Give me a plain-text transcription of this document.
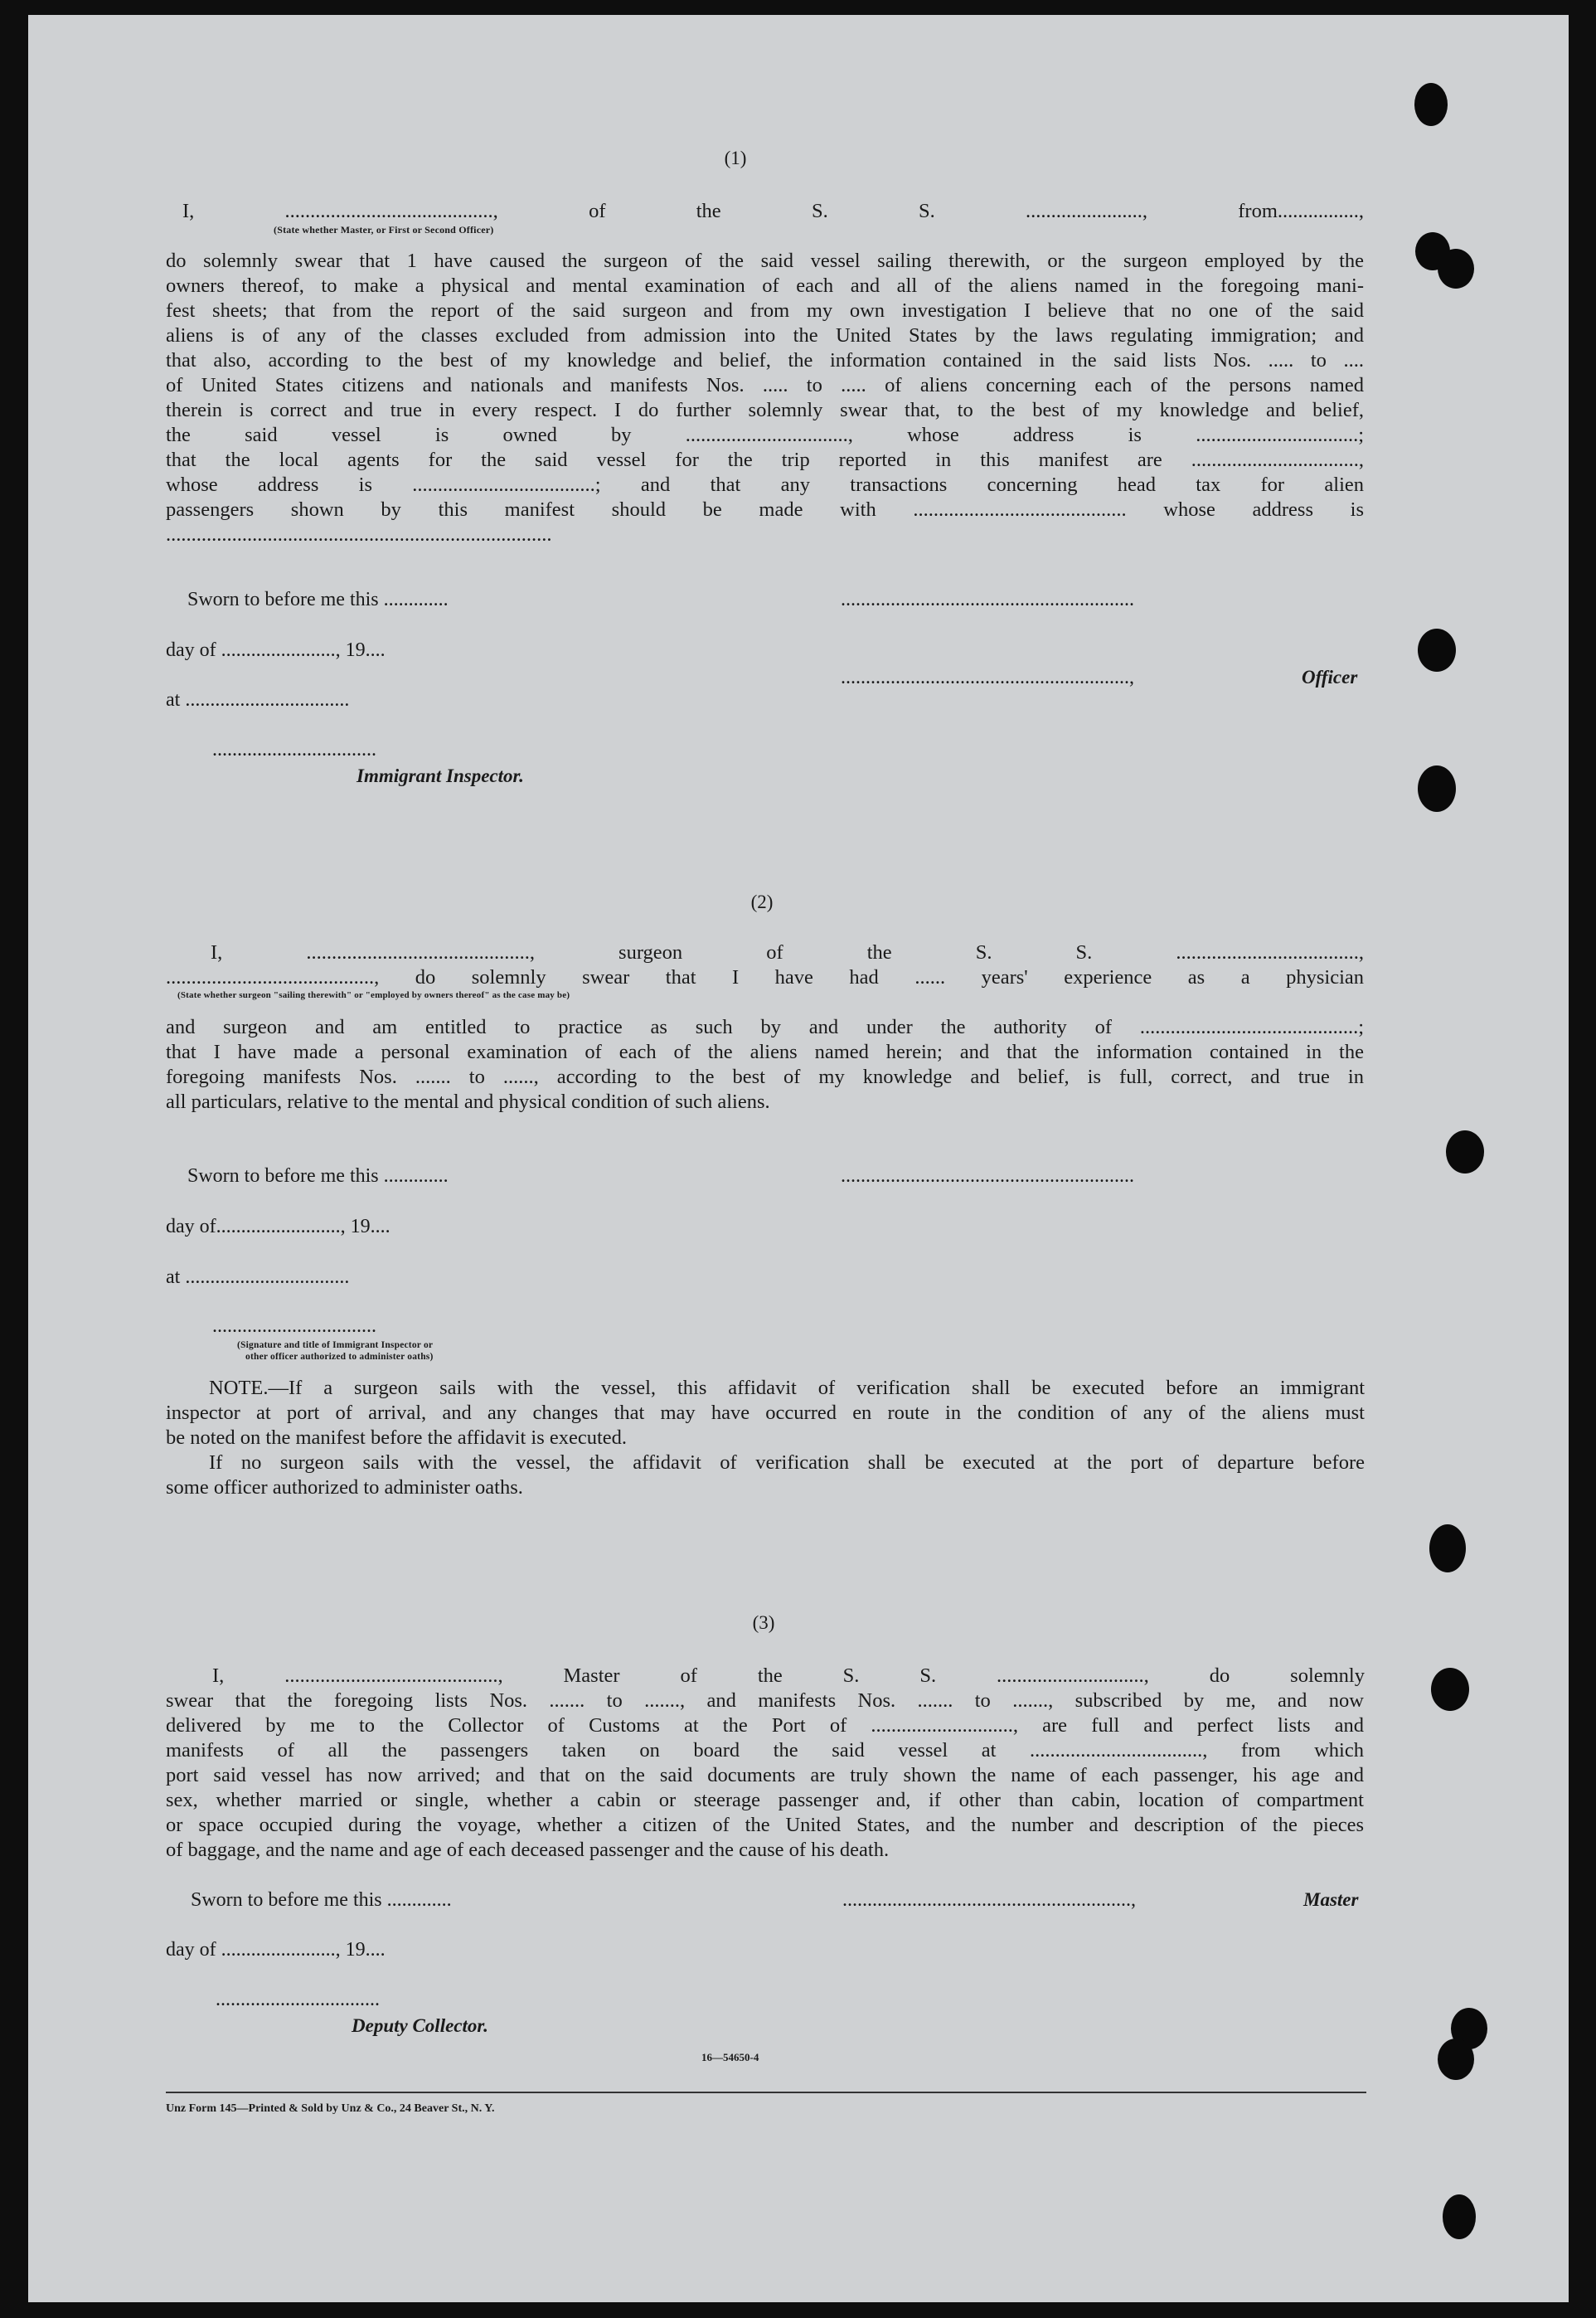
(1)
I, ........................................., of the S. S. ......................., from................,
(State whether Master, or First or Second Officer)
do solemnly swear that 1 have caused the surgeon of the said vessel sailing therewith, or the surgeon employed by the
owners thereof, to make a physical and mental examination of each and all of the aliens named in the foregoing mani-
fest sheets; that from the report of the said surgeon and from my own investigation I believe that no one of the said
aliens is of any of the classes excluded from admission into the United States by the laws regulating immigration; and
that also, according to the best of my knowledge and belief, the information contained in the said lists Nos. ..... to ....
of United States citizens and nationals and manifests Nos. ..... to ..... of aliens concerning each of the persons named
therein is correct and true in every respect. I do further solemnly swear that, to the best of my knowledge and belief,
the said vessel is owned by ................................, whose address is ................................;
that the local agents for the said vessel for the trip reported in this manifest are .................................,
whose address is ....................................; and that any transactions concerning head tax for alien
passengers shown by this manifest should be made with .......................................... whose address is
............................................................................
Sworn to before me this .............
day of ......................., 19....
at .................................
.................................
Immigrant Inspector.
...........................................................
..........................................................,	Officer
(2)
I, ............................................, surgeon of the S. S. ....................................,
........................................., do solemnly swear that I have had ...... years' experience as a physician
(State whether surgeon "sailing therewith" or "employed by owners thereof" as the case may be)
and surgeon and am entitled to practice as such by and under the authority of ...........................................;
that I have made a personal examination of each of the aliens named herein; and that the information contained in the
foregoing manifests Nos. ....... to ......, according to the best of my knowledge and belief, is full, correct, and true in
all particulars, relative to the mental and physical condition of such aliens.
Sworn to before me this .............
day of........................., 19....
at .................................
.................................
(Signature and title of Immigrant Inspector or
other officer authorized to administer oaths)
...........................................................
NOTE.—If a surgeon sails with the vessel, this affidavit of verification shall be executed before an immigrant
inspector at port of arrival, and any changes that may have occurred en route in the condition of any of the aliens must
be noted on the manifest before the affidavit is executed.
If no surgeon sails with the vessel, the affidavit of verification shall be executed at the port of departure before
some officer authorized to administer oaths.
(3)
I, .........................................., Master of the S. S. ............................., do solemnly
swear that the foregoing lists Nos. ....... to ......., and manifests Nos. ....... to ......., subscribed by me, and now
delivered by me to the Collector of Customs at the Port of ............................, are full and perfect lists and
manifests of all the passengers taken on board the said vessel at .................................., from which
port said vessel has now arrived; and that on the said documents are truly shown the name of each passenger, his age and
sex, whether married or single, whether a cabin or steerage passenger and, if other than cabin, location of compartment
or space occupied during the voyage, whether a citizen of the United States, and the number and description of the pieces
of baggage, and the name and age of each deceased passenger and the cause of his death.
Sworn to before me this .............
day of ......................., 19....
.................................
Deputy Collector.
..........................................................,	Master
16—54650-4
Unz Form 145—Printed & Sold by Unz & Co., 24 Beaver St., N. Y.
